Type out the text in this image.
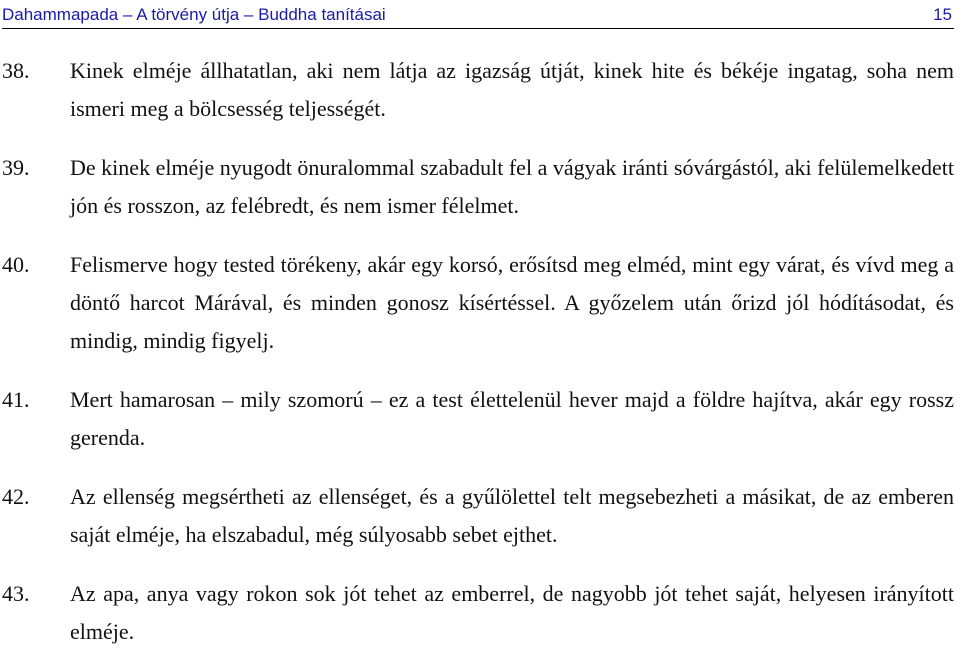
Dahammapada – A törvény útja – Buddha tanításai	15
38. Kinek elméje állhatatlan, aki nem látja az igazság útját, kinek hite és békéje ingatag, soha nem ismeri meg a bölcsesség teljességét.
39. De kinek elméje nyugodt önuralommal szabadult fel a vágyak iránti sóvárgástól, aki felülemelkedett jón és rosszon, az felébredt, és nem ismer félelmet.
40. Felismerve hogy tested törékeny, akár egy korsó, erősítsd meg elméd, mint egy várat, és vívd meg a döntő harcot Márával, és minden gonosz kísértéssel. A győzelem után őrizd jól hódításodat, és mindig, mindig figyelj.
41. Mert hamarosan – mily szomorú – ez a test élettelenül hever majd a földre hajítva, akár egy rossz gerenda.
42. Az ellenség megsértheti az ellenséget, és a gyűlölettel telt megsebezheti a másikat, de az emberen saját elméje, ha elszabadul, még súlyosabb sebet ejthet.
43. Az apa, anya vagy rokon sok jót tehet az emberrel, de nagyobb jót tehet saját, helyesen irányított elméje.
